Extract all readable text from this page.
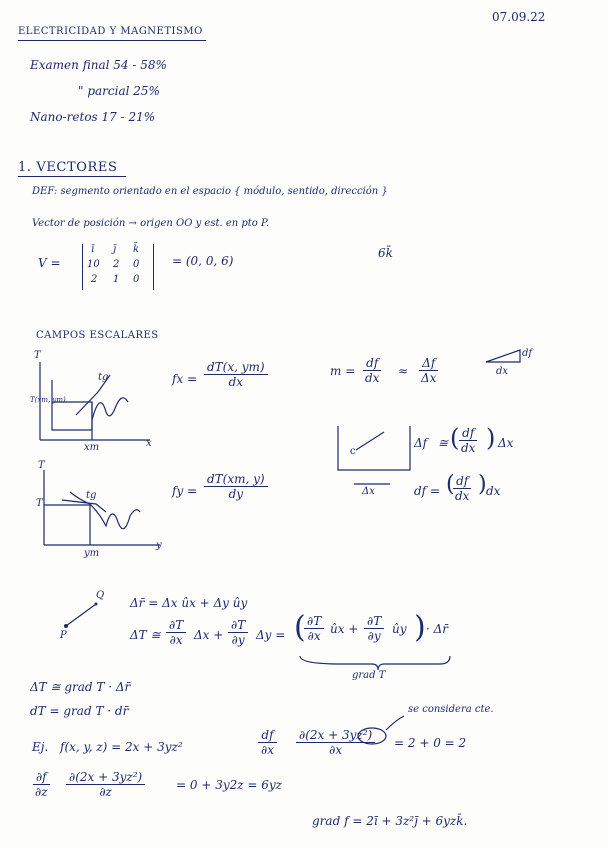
ELECTRICIDAD Y MAGNETISMO
07.09.22
Examen final 54 - 58%
" parcial 25%
Nano-retos 17 - 21%
1. VECTORES
DEF: segmento orientado en el espacio { módulo, sentido, dirección }
Vector de posición → origen OO y est. en pto P.
V =
ī j̄ k̄
10 2 0
2 1 0
= (0, 0, 6)
6k̄
CAMPOS ESCALARES
T
T(xm, ym)
tg
xm	x
T
T
tg
ym
y
fx = $\frac{dT(x, ym)}{dx}$
fy = $\frac{dT(xm, y)}{dy}$
$m = \frac{df}{dx} \approx \frac{\Delta f}{\Delta x}$
df
dx
c
Δf ≅ (
$\frac{df}{dx}$ ) Δx
Δx	df = (
$\frac{df}{dx}$ ) dx
Q
P
Δr̄ = Δx ûx + Δy ûy
ΔT ≅ $\frac{\partial T}{\partial x}$ $\Delta x + \frac{\partial T}{\partial y}$ Δy = (
$\frac{\partial T}{\partial x}$ ûx + $\frac{\partial T}{\partial y}$ ûy ) · Δr̄
grad T
ΔT ≅ grad T · Δr̄
dT = grad T · dr̄
Ej. f(x, y, z) = 2x + 3yz²	$\frac{df}{\partial x} \frac{\text{∂(2x + 3yz²)}}{\partial x} = 2 + 0 = 2$
se considera cte.
$\frac{\partial f}{\partial z} \frac{\text{∂(2x + 3yz²)}}{\partial z}$	= 0 + 3y2z = 6yz
grad f = 2ī + 3z²j̄ + 6yzk̄.
